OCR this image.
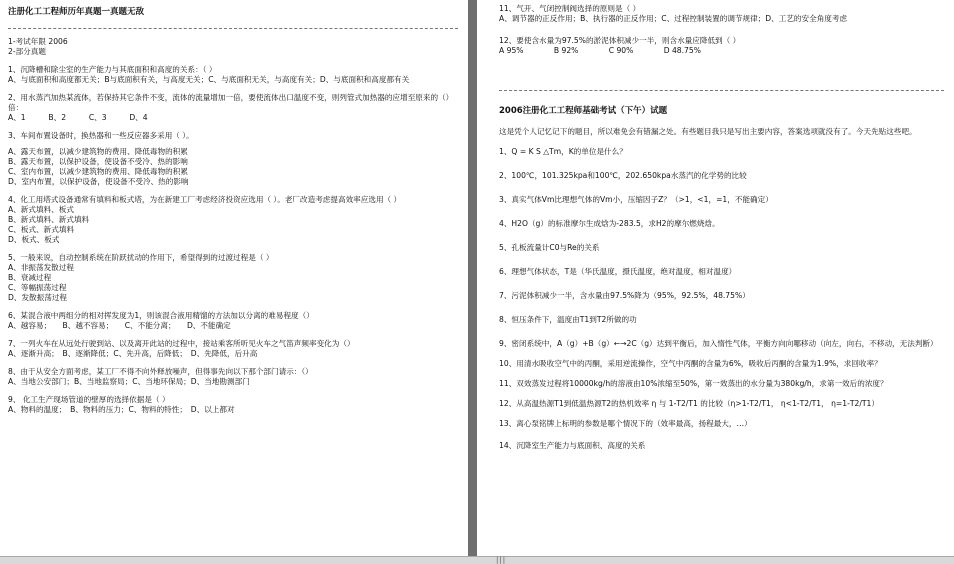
注册化工工程师历年真题一真题无敌

1-考试年限 2006

2-部分真题

1、沉降槽和除尘室的生产能力与其底面积和高度的关系：（ ）

A、与底面积和高度都无关；B与底面积有关，与高度无关；C、与底面积无关，与高度有关；D、与底面积和高度都有关

2、用水蒸汽加热某流体，若保持其它条件不变，流体的流量增加一倍，要使流体出口温度不变，则列管式加热器的应增至原来的（）倍：

A、1　　　B、2　　　C、3　　　D、4

3、车间布置设备时，换热器和一些反应器多采用（ ）。

A、露天布置，以减少建筑物的费用、降低毒物的积累

B、露天布置，以保护设备，使设备不受冷、热的影响

C、室内布置，以减少建筑物的费用、降低毒物的积累

D、室内布置，以保护设备，使设备不受冷、热的影响

4、化工用塔式设备通常有填料和板式塔，为在新建工厂考虑经济投资应选用（ ）。老厂改造考虑提高效率应选用（ ）

A、新式填料、板式

B、新式填料、新式填料

C、板式、新式填料

D、板式、板式

5、一般来说，自动控制系统在阶跃扰动的作用下，希望得到的过渡过程是（ ）

A、非振荡发散过程

B、衰减过程

C、等幅振荡过程

D、发散振荡过程

6、某混合液中两组分的相对挥发度为1，则该混合液用精馏的方法加以分离的难易程度（）

A、越容易；　　B、越不容易；　　C、不能分离；　　D、不能确定

7、一列火车在从远处行驶到站、以及离开此站的过程中，接站乘客所听见火车之气笛声频率变化为（）

A、逐渐升高；　B、逐渐降低；C、先升高，后降低；　D、先降低，后升高

8、由于从安全方面考虑，某工厂不得不向外释放噪声，但得事先向以下那个部门请示：（）

A、当地公安部门；B、当地监察局；C、当地环保局；D、当地勘测部门

9、 化工生产现场管道的壁厚的选择依据是（ ）

A、物料的温度；　B、物料的压力；C、物料的特性；　D、以上都对

11、气开、气闭控制阀选择的原则是（ ）

A、调节器的正反作用；B、执行器的正反作用；C、过程控制装置的调节规律；D、工艺的安全角度考虑

12、要使含水量为97.5%的淤泥体积减少一半，则含水量应降低到（ ）

A 95%　　　　B 92%　　　　C 90%　　　　D 48.75%

2006注册化工工程师基础考试（下午）试题

这是凭个人记忆记下的题目，所以难免会有错漏之处。有些题目我只是写出主要内容，答案选项就没有了。今天先贴这些吧。

1、Q = K S △Tm，K的单位是什么？

2、100℃，101.325kpa和100℃，202.650kpa水蒸汽的化学势的比较

3、真实气体Vm比理想气体的Vm小，压缩因子Z？（>1，<1，=1，不能确定）

4、H2O（g）的标准摩尔生成焓为-283.5，求H2的摩尔燃烧焓。

5、孔板流量计C0与Re的关系

6、理想气体状态，T是（华氏温度，摄氏温度，绝对温度，相对温度）

7、污泥体积减少一半，含水量由97.5%降为（95%，92.5%，48.75%）

8、恒压条件下，温度由T1到T2所做的功

9、密闭系统中，A（g）+B（g）←→2C（g）达到平衡后，加入惰性气体，平衡方向向哪移动（向左，向右，不移动，无法判断）

10、用清水吸收空气中的丙酮，采用逆流操作，空气中丙酮的含量为6%，吸收后丙酮的含量为1.9%，求回收率？

11、双效蒸发过程将10000kg/h的溶液由10%浓缩至50%，第一效蒸出的水分量为380kg/h，求第一效后的浓度？

12、从高温热源T1到低温热源T2的热机效率 η 与 1-T2/T1 的比较（η>1-T2/T1， η<1-T2/T1， η=1-T2/T1）

13、离心泵铭牌上标明的参数是哪个情况下的（效率最高，扬程最大，…）

14、沉降室生产能力与底面积、高度的关系

|||
